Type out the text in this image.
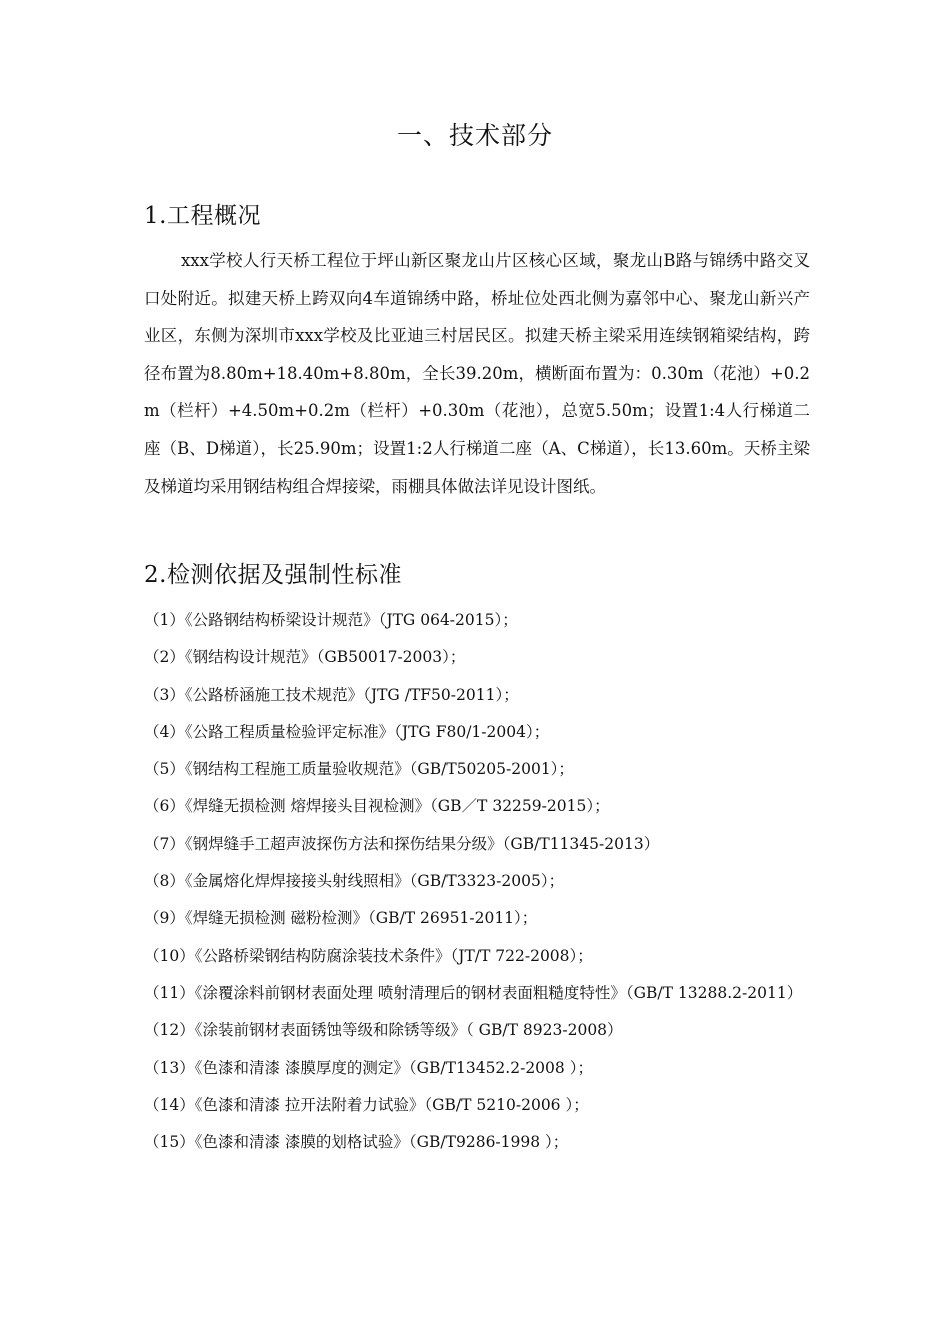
一、技术部分
1.工程概况
xxx学校人行天桥工程位于坪山新区聚龙山片区核心区域，聚龙山B路与锦绣中路交叉口处附近。拟建天桥上跨双向4车道锦绣中路，桥址位处西北侧为嘉邻中心、聚龙山新兴产业区，东侧为深圳市xxx学校及比亚迪三村居民区。拟建天桥主梁采用连续钢箱梁结构，跨径布置为8.80m+18.40m+8.80m，全长39.20m，横断面布置为：0.30m（花池）+0.2m（栏杆）+4.50m+0.2m（栏杆）+0.30m（花池），总宽5.50m；设置1:4人行梯道二座（B、D梯道），长25.90m；设置1:2人行梯道二座（A、C梯道），长13.60m。天桥主梁及梯道均采用钢结构组合焊接梁，雨棚具体做法详见设计图纸。
2.检测依据及强制性标准
（1）《公路钢结构桥梁设计规范》（JTG 064-2015）；
（2）《钢结构设计规范》（GB50017-2003）；
（3）《公路桥涵施工技术规范》（JTG /TF50-2011）；
（4）《公路工程质量检验评定标准》（JTG F80/1-2004）；
（5）《钢结构工程施工质量验收规范》（GB/T50205-2001）；
（6）《焊缝无损检测 熔焊接头目视检测》（GB／T 32259-2015）；
（7）《钢焊缝手工超声波探伤方法和探伤结果分级》（GB/T11345-2013）
（8）《金属熔化焊焊接接头射线照相》（GB/T3323-2005）；
（9）《焊缝无损检测 磁粉检测》（GB/T 26951-2011）；
（10）《公路桥梁钢结构防腐涂装技术条件》（JT/T 722-2008）；
（11）《涂覆涂料前钢材表面处理 喷射清理后的钢材表面粗糙度特性》（GB/T 13288.2-2011）
（12）《涂装前钢材表面锈蚀等级和除锈等级》（ GB/T 8923-2008）
（13）《色漆和清漆 漆膜厚度的测定》（GB/T13452.2-2008 ）；
（14）《色漆和清漆 拉开法附着力试验》（GB/T 5210-2006 ）；
（15）《色漆和清漆 漆膜的划格试验》（GB/T9286-1998 ）；
